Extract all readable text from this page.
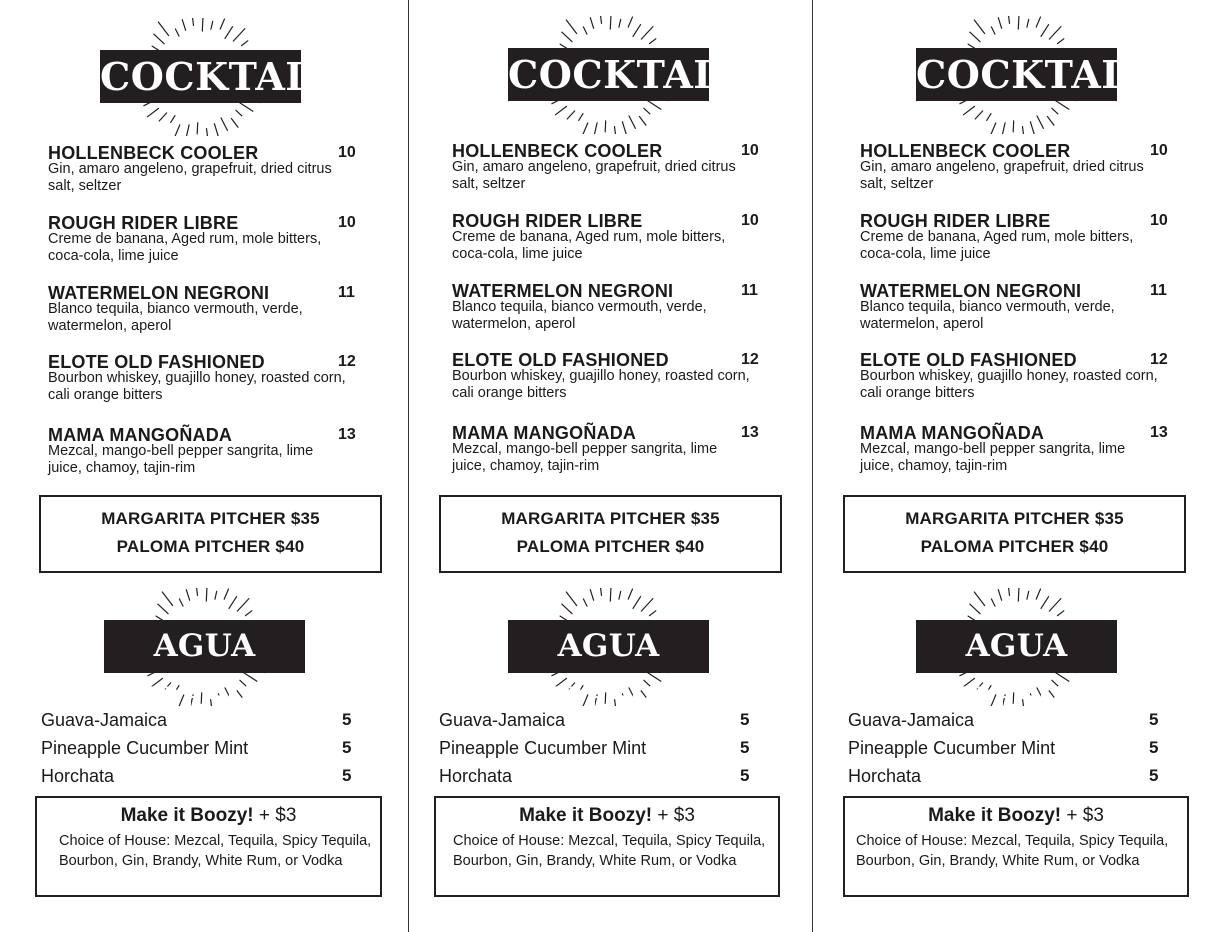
COCKTAILS
HOLLENBECK COOLER	10
Gin, amaro angeleno, grapefruit, dried citrus salt, seltzer
ROUGH RIDER LIBRE	10
Creme de banana, Aged rum, mole bitters, coca-cola, lime juice
WATERMELON NEGRONI	11
Blanco tequila, bianco vermouth, verde, watermelon, aperol
ELOTE OLD FASHIONED	12
Bourbon whiskey, guajillo honey, roasted corn, cali orange bitters
MAMA MANGOÑADA	13
Mezcal, mango-bell pepper sangrita, lime juice, chamoy, tajin-rim
MARGARITA PITCHER $35
PALOMA PITCHER $40
AGUA FRESCA
Guava-Jamaica	5
Pineapple Cucumber Mint	5
Horchata	5
Make it Boozy! + $3
Choice of House: Mezcal, Tequila, Spicy Tequila, Bourbon, Gin, Brandy, White Rum, or Vodka
COCKTAILS
HOLLENBECK COOLER	10
Gin, amaro angeleno, grapefruit, dried citrus salt, seltzer
ROUGH RIDER LIBRE	10
Creme de banana, Aged rum, mole bitters, coca-cola, lime juice
WATERMELON NEGRONI	11
Blanco tequila, bianco vermouth, verde, watermelon, aperol
ELOTE OLD FASHIONED	12
Bourbon whiskey, guajillo honey, roasted corn, cali orange bitters
MAMA MANGOÑADA	13
Mezcal, mango-bell pepper sangrita, lime juice, chamoy, tajin-rim
MARGARITA PITCHER $35
PALOMA PITCHER $40
AGUA FRESCA
Guava-Jamaica	5
Pineapple Cucumber Mint	5
Horchata	5
Make it Boozy! + $3
Choice of House: Mezcal, Tequila, Spicy Tequila, Bourbon, Gin, Brandy, White Rum, or Vodka
COCKTAILS
HOLLENBECK COOLER	10
Gin, amaro angeleno, grapefruit, dried citrus salt, seltzer
ROUGH RIDER LIBRE	10
Creme de banana, Aged rum, mole bitters, coca-cola, lime juice
WATERMELON NEGRONI	11
Blanco tequila, bianco vermouth, verde, watermelon, aperol
ELOTE OLD FASHIONED	12
Bourbon whiskey, guajillo honey, roasted corn, cali orange bitters
MAMA MANGOÑADA	13
Mezcal, mango-bell pepper sangrita, lime juice, chamoy, tajin-rim
MARGARITA PITCHER $35
PALOMA PITCHER $40
AGUA FRESCA
Guava-Jamaica	5
Pineapple Cucumber Mint	5
Horchata	5
Make it Boozy! + $3
Choice of House: Mezcal, Tequila, Spicy Tequila, Bourbon, Gin, Brandy, White Rum, or Vodka
